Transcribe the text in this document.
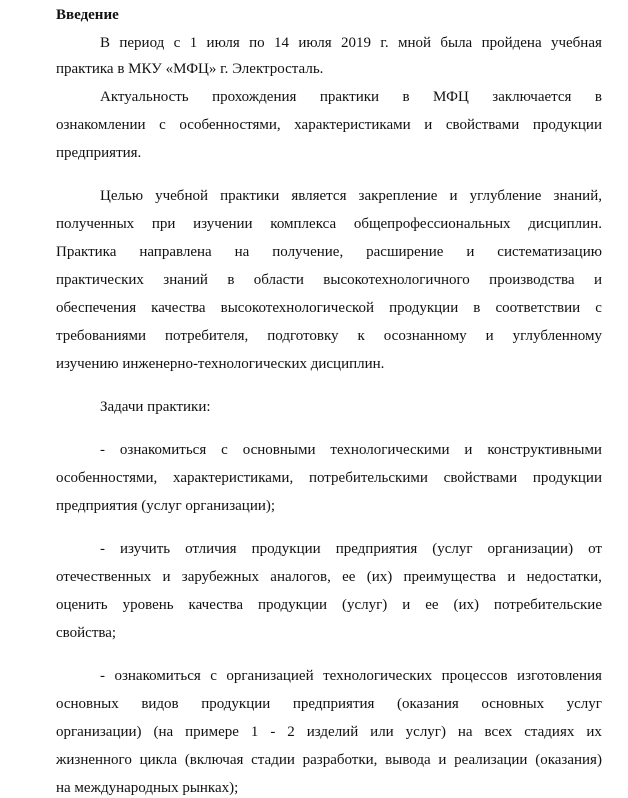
Введение
В период с 1 июля по 14 июля 2019 г. мной была пройдена учебная
практика в МКУ «МФЦ» г. Электросталь.
Актуальность прохождения практики в МФЦ заключается в
ознакомлении с особенностями, характеристиками и свойствами продукции
предприятия.
Целью учебной практики является закрепление и углубление знаний,
полученных при изучении комплекса общепрофессиональных дисциплин.
Практика направлена на получение, расширение и систематизацию
практических знаний в области высокотехнологичного производства и
обеспечения качества высокотехнологической продукции в соответствии с
требованиями потребителя, подготовку к осознанному и углубленному
изучению инженерно-технологических дисциплин.
Задачи практики:
- ознакомиться с основными технологическими и конструктивными
особенностями, характеристиками, потребительскими свойствами продукции
предприятия (услуг организации);
- изучить отличия продукции предприятия (услуг организации) от
отечественных и зарубежных аналогов, ее (их) преимущества и недостатки,
оценить уровень качества продукции (услуг) и ее (их) потребительские
свойства;
- ознакомиться с организацией технологических процессов изготовления
основных видов продукции предприятия (оказания основных услуг
организации) (на примере 1 - 2 изделий или услуг) на всех стадиях их
жизненного цикла (включая стадии разработки, вывода и реализации (оказания)
на международных рынках);
